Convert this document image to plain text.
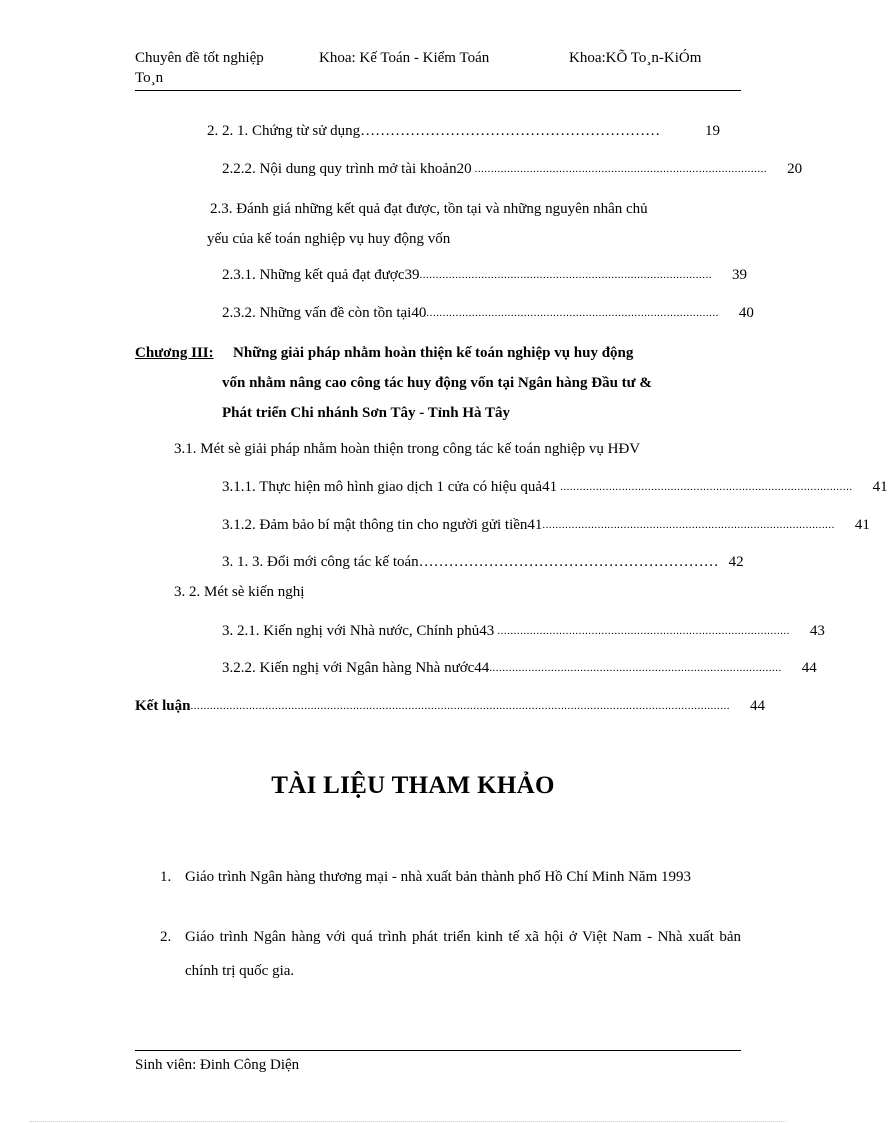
Chuyên đề tốt nghiệp	Khoa: Kế Toán - Kiểm Toán	Khoa:KÕ To¸n-KiÓm
To¸n
2. 2. 1. Chứng từ sử dụng ……………………………………………………	19
2.2.2. Nội dung quy trình mở tài khoản20 ..........................................................................................	20
2.3. Đánh giá những kết quả đạt được, tồn tại và những nguyên nhân chủ
yếu của kế toán nghiệp vụ huy động vốn
2.3.1. Những kết quả đạt được39 ..........................................................................................	39
2.3.2. Những vấn đề còn tồn tại40 ..........................................................................................	40
Chương III: Những giải pháp nhằm hoàn thiện kế toán nghiệp vụ huy động
vốn nhằm nâng cao công tác huy động vốn tại Ngân hàng Đầu tư &
Phát triển Chi nhánh Sơn Tây - Tỉnh Hà Tây
3.1. Mét sè giải pháp nhằm hoàn thiện trong công tác kế toán nghiệp vụ HĐV
3.1.1. Thực hiện mô hình giao dịch 1 cửa có hiệu quả41 ..........................................................................................	41
3.1.2. Đảm bảo bí mật thông tin cho người gửi tiền41 ..........................................................................................	41
3. 1. 3. Đổi mới công tác kế toán …………………………………………………… 42
3. 2. Mét sè kiến nghị
3. 2.1. Kiến nghị với Nhà nước, Chính phủ43 ..........................................................................................	43
3.2.2. Kiến nghị với Ngân hàng Nhà nước44 ..........................................................................................	44
Kết luận ......................................................................................................................................................................	44
TÀI LIỆU THAM KHẢO
1. Giáo trình Ngân hàng thương mại - nhà xuất bản thành phố Hồ Chí Minh Năm 1993
2. Giáo trình Ngân hàng với quá trình phát triển kinh tế xã hội ở Việt Nam - Nhà xuất bản chính trị quốc gia.
Sinh viên: Đinh Công Diện
